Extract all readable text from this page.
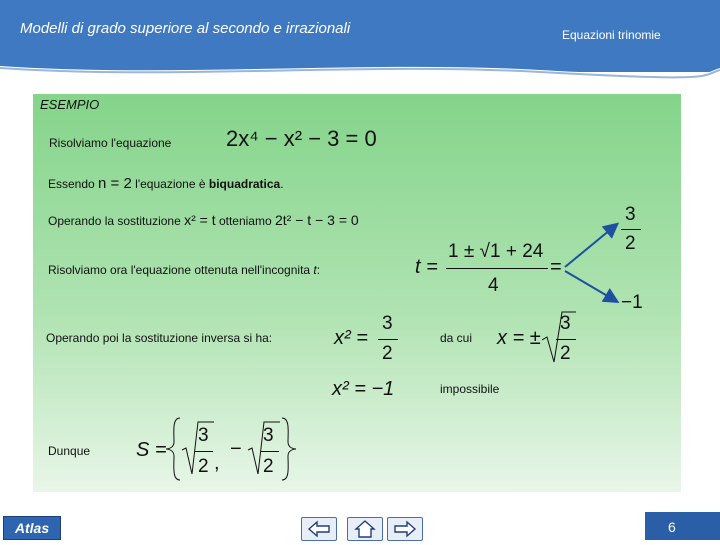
Modelli di grado superiore al secondo e irrazionali	Equazioni trinomie
ESEMPIO
Risolviamo l'equazione 2x⁴ − x² − 3 = 0
Essendo n = 2 l'equazione è biquadratica.
Operando la sostituzione x² = t otteniamo 2t² − t − 3 = 0
Risolviamo ora l'equazione ottenuta nell'incognita t:	t =
1 ± √1 + 24
4
=
3
2
−1
Operando poi la sostituzione inversa si ha:	x² =
3
2
da cui x = ±
3
2
x² = −1	impossibile
Dunque S =
3
2 ,
−
3
2
Atlas	6
